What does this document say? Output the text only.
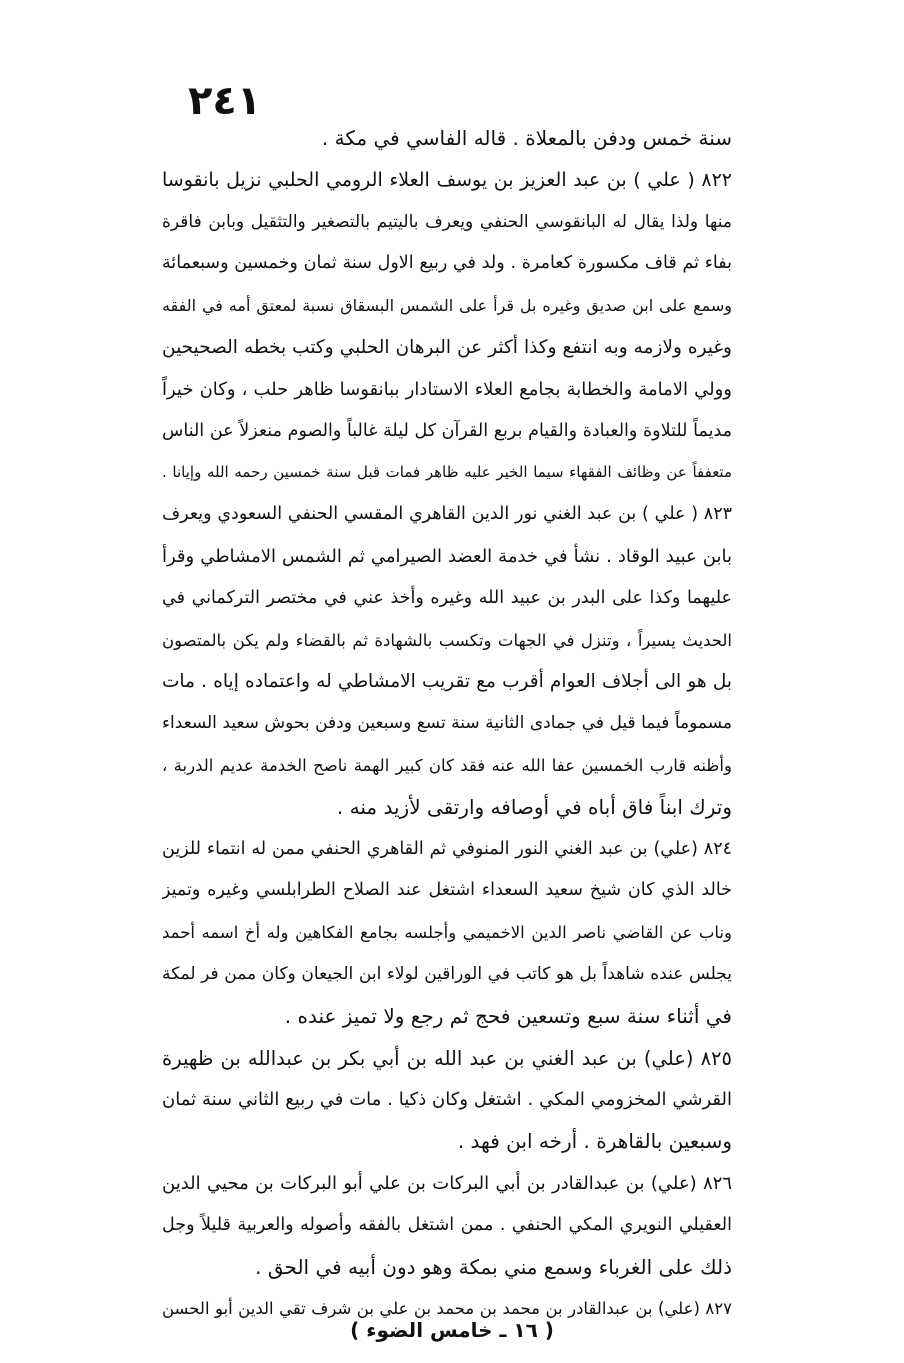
٢٤١
سنة خمس ودفن بالمعلاة . قاله الفاسي في مكة .
٨٢٢ ( علي ) بن عبد العزيز بن يوسف العلاء الرومي الحلبي نزيل بانقوسا
منها ولذا يقال له البانقوسي الحنفي ويعرف باليتيم بالتصغير والتثقيل وبابن فاقرة
بفاء ثم قاف مكسورة كعامرة . ولد في ربيع الاول سنة ثمان وخمسين وسبعمائة
وسمع على ابن صديق وغيره بل قرأ على الشمس البسقاق نسبة لمعتق أمه في الفقه
وغيره ولازمه وبه انتفع وكذا أكثر عن البرهان الحلبي وكتب بخطه الصحيحين
وولي الامامة والخطابة بجامع العلاء الاستادار ببانقوسا ظاهر حلب ، وكان خيراً
مديماً للتلاوة والعبادة والقيام بربع القرآن كل ليلة غالباً والصوم منعزلاً عن الناس
متعففاً عن وظائف الفقهاء سيما الخير عليه ظاهر فمات قبل سنة خمسين رحمه الله وإيانا .
٨٢٣ ( علي ) بن عبد الغني نور الدين القاهري المقسي الحنفي السعودي ويعرف
بابن عبيد الوقاد . نشأ في خدمة العضد الصيرامي ثم الشمس الامشاطي وقرأ
عليهما وكذا على البدر بن عبيد الله وغيره وأخذ عني في مختصر التركماني في
الحديث يسيراً ، وتنزل في الجهات وتكسب بالشهادة ثم بالقضاء ولم يكن بالمتصون
بل هو الى أجلاف العوام أقرب مع تقريب الامشاطي له واعتماده إياه . مات
مسموماً فيما قيل في جمادى الثانية سنة تسع وسبعين ودفن بحوش سعيد السعداء
وأظنه قارب الخمسين عفا الله عنه فقد كان كبير الهمة ناصح الخدمة عديم الدربة ،
وترك ابناً فاق أباه في أوصافه وارتقى لأزيد منه .
٨٢٤ (علي) بن عبد الغني النور المنوفي ثم القاهري الحنفي ممن له انتماء للزين
خالد الذي كان شيخ سعيد السعداء اشتغل عند الصلاح الطرابلسي وغيره وتميز
وناب عن القاضي ناصر الدين الاخميمي وأجلسه بجامع الفكاهين وله أخ اسمه أحمد
يجلس عنده شاهداً بل هو كاتب في الوراقين لولاء ابن الجيعان وكان ممن فر لمكة
في أثناء سنة سبع وتسعين فحج ثم رجع ولا تميز عنده .
٨٢٥ (علي) بن عبد الغني بن عبد الله بن أبي بكر بن عبدالله بن ظهيرة
القرشي المخزومي المكي . اشتغل وكان ذكيا . مات في ربيع الثاني سنة ثمان
وسبعين بالقاهرة . أرخه ابن فهد .
٨٢٦ (علي) بن عبدالقادر بن أبي البركات بن علي أبو البركات بن محيي الدين
العقيلي النويري المكي الحنفي . ممن اشتغل بالفقه وأصوله والعربية قليلاً وجل
ذلك على الغرباء وسمع مني بمكة وهو دون أبيه في الحق .
٨٢٧ (علي) بن عبدالقادر بن محمد بن محمد بن علي بن شرف تقي الدين أبو الحسن
( ١٦ ـ خامس الضوء )
